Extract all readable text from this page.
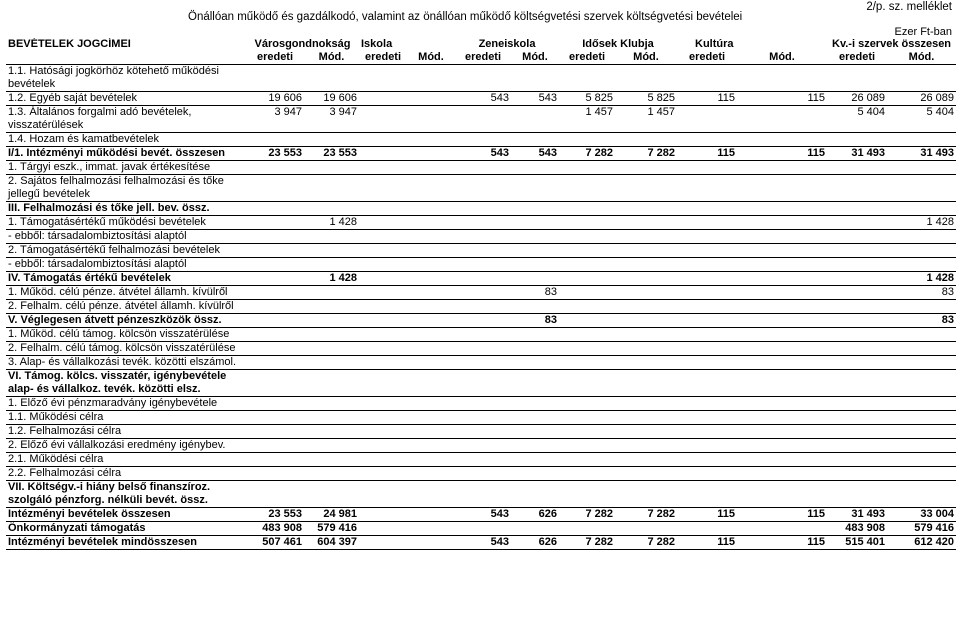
2/p. sz. melléklet
Önállóan működő és gazdálkodó, valamint az önállóan működő költségvetési szervek költségvetési bevételei
Ezer Ft-ban
BEVÉTELEK JOGCÍMEI	Városgondnokság		Iskola		Zeneiskola		Idősek Klubja		Kultúra		Kv.-i szervek összesen	
	eredeti	Mód.	eredeti	Mód.	eredeti	Mód.	eredeti	Mód.	eredeti	Mód.	eredeti	Mód.
1.1. Hatósági jogkörhöz kötehető működési bevételek												
1.2. Egyéb saját bevételek	19 606	19 606			543	543	5 825	5 825	115	115	26 089	26 089
1.3. Általános forgalmi adó bevételek, visszatérülések	3 947	3 947					1 457	1 457			5 404	5 404
1.4. Hozam és kamatbevételek												
I/1. Intézményi működési bevét. összesen	23 553	23 553			543	543	7 282	7 282	115	115	31 493	31 493
1. Tárgyi eszk., immat. javak értékesítése												
2. Sajátos felhalmozási felhalmozási és tőke jellegű bevételek												
III. Felhalmozási és tőke jell. bev. össz.												
1. Támogatásértékű működési bevételek		1 428										1 428
- ebből: társadalombiztosítási alaptól												
2. Támogatásértékű felhalmozási bevételek												
- ebből: társadalombiztosítási alaptól												
IV. Támogatás értékű bevételek		1 428										1 428
1. Működ. célú pénze. átvétel államh. kívülről						83						83
2. Felhalm. célú pénze. átvétel államh. kívülről												
V. Véglegesen átvett pénzeszközök össz.						83						83
1. Működ. célú támog. kölcsön visszatérülése												
2. Felhalm. célú támog. kölcsön visszatérülése												
3. Alap- és vállalkozási tevék. közötti elszámol.												
VI. Támog. kölcs. visszatér, igénybevétele alap- és vállalkoz. tevék. közötti elsz.												
1. Előző évi pénzmaradvány igénybevétele												
1.1. Működési célra												
1.2. Felhalmozási célra												
2. Előző évi vállalkozási eredmény igénybev.												
2.1. Működési célra												
2.2. Felhalmozási célra												
VII. Költségv.-i hiány belső finanszíroz. szolgáló pénzforg. nélküli bevét. össz.												
Intézményi bevételek összesen	23 553	24 981			543	626	7 282	7 282	115	115	31 493	33 004
Önkormányzati támogatás	483 908	579 416									483 908	579 416
Intézményi bevételek mindösszesen	507 461	604 397			543	626	7 282	7 282	115	115	515 401	612 420
